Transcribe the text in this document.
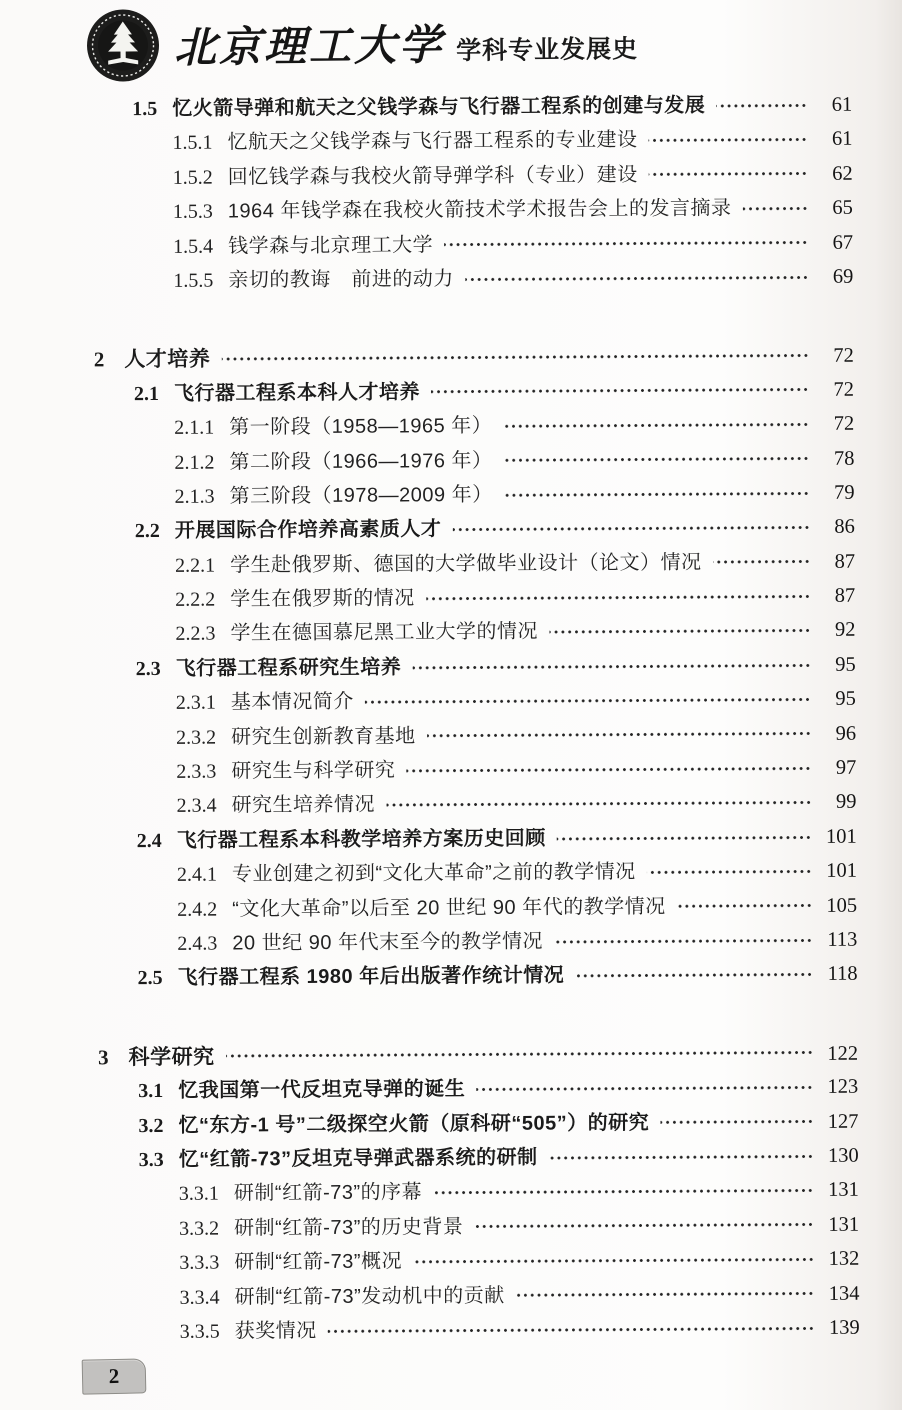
北京理工大学 学科专业发展史
1.5 忆火箭导弹和航天之父钱学森与飞行器工程系的创建与发展	61
1.5.1 忆航天之父钱学森与飞行器工程系的专业建设	61
1.5.2 回忆钱学森与我校火箭导弹学科（专业）建设	62
1.5.3 1964 年钱学森在我校火箭技术学术报告会上的发言摘录	65
1.5.4 钱学森与北京理工大学	67
1.5.5 亲切的教诲　前进的动力	69
2 人才培养	72
2.1 飞行器工程系本科人才培养	72
2.1.1 第一阶段（1958—1965 年）	72
2.1.2 第二阶段（1966—1976 年）	78
2.1.3 第三阶段（1978—2009 年）	79
2.2 开展国际合作培养高素质人才	86
2.2.1 学生赴俄罗斯、德国的大学做毕业设计（论文）情况	87
2.2.2 学生在俄罗斯的情况	87
2.2.3 学生在德国慕尼黑工业大学的情况	92
2.3 飞行器工程系研究生培养	95
2.3.1 基本情况简介	95
2.3.2 研究生创新教育基地	96
2.3.3 研究生与科学研究	97
2.3.4 研究生培养情况	99
2.4 飞行器工程系本科教学培养方案历史回顾	101
2.4.1 专业创建之初到“文化大革命”之前的教学情况	101
2.4.2 “文化大革命”以后至 20 世纪 90 年代的教学情况	105
2.4.3 20 世纪 90 年代末至今的教学情况	113
2.5 飞行器工程系 1980 年后出版著作统计情况	118
3 科学研究	122
3.1 忆我国第一代反坦克导弹的诞生	123
3.2 忆“东方-1 号”二级探空火箭（原科研“505”）的研究	127
3.3 忆“红箭-73”反坦克导弹武器系统的研制	130
3.3.1 研制“红箭-73”的序幕	131
3.3.2 研制“红箭-73”的历史背景	131
3.3.3 研制“红箭-73”概况	132
3.3.4 研制“红箭-73”发动机中的贡献	134
3.3.5 获奖情况	139
2
